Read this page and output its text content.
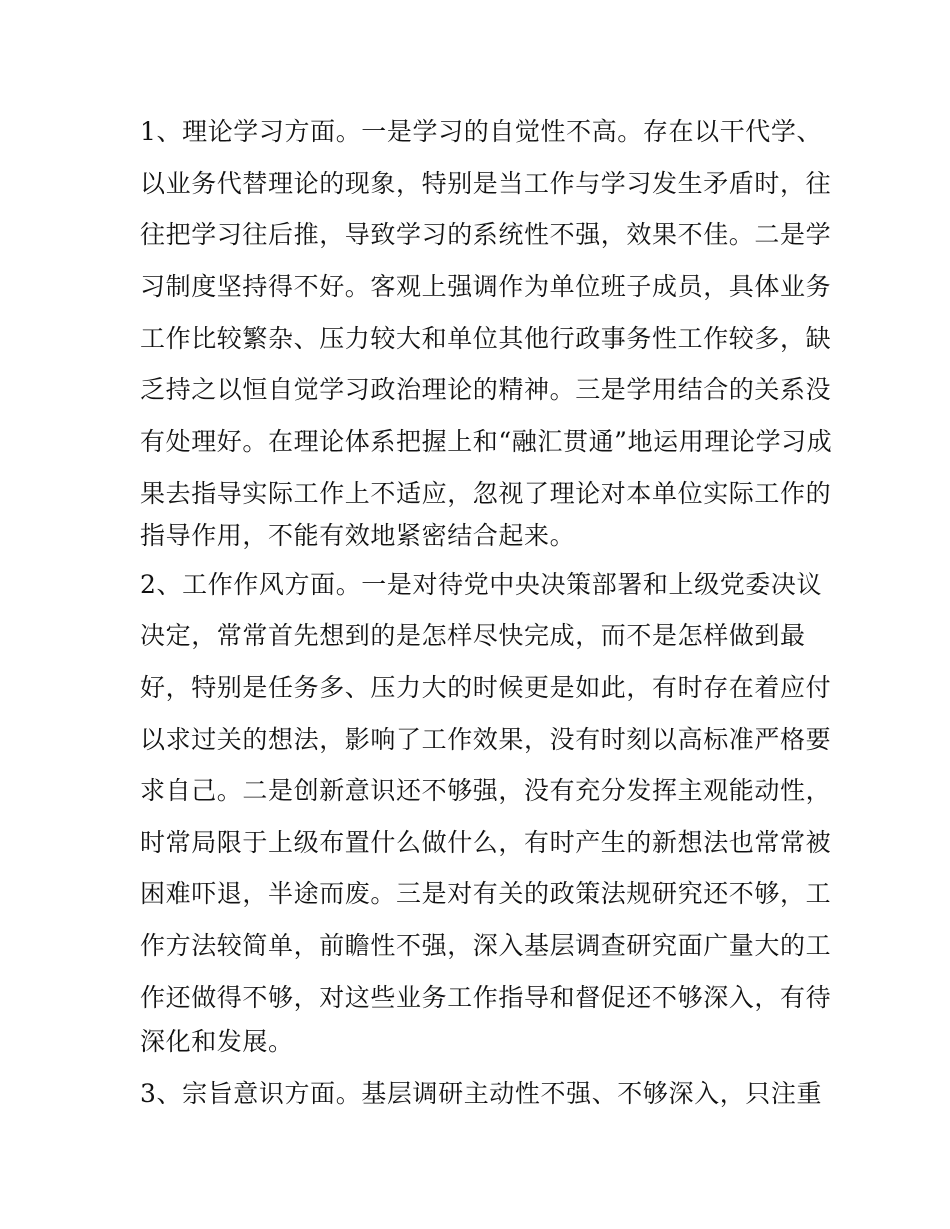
1、理论学习方面。一是学习的自觉性不高。存在以干代学、

以业务代替理论的现象，特别是当工作与学习发生矛盾时，往

往把学习往后推，导致学习的系统性不强，效果不佳。二是学

习制度坚持得不好。客观上强调作为单位班子成员，具体业务

工作比较繁杂、压力较大和单位其他行政事务性工作较多，缺

乏持之以恒自觉学习政治理论的精神。三是学用结合的关系没

有处理好。在理论体系把握上和“融汇贯通”地运用理论学习成

果去指导实际工作上不适应，忽视了理论对本单位实际工作的

指导作用，不能有效地紧密结合起来。

2、工作作风方面。一是对待党中央决策部署和上级党委决议

决定，常常首先想到的是怎样尽快完成，而不是怎样做到最

好，特别是任务多、压力大的时候更是如此，有时存在着应付

以求过关的想法，影响了工作效果，没有时刻以高标准严格要

求自己。二是创新意识还不够强，没有充分发挥主观能动性，

时常局限于上级布置什么做什么，有时产生的新想法也常常被

困难吓退，半途而废。三是对有关的政策法规研究还不够，工

作方法较简单，前瞻性不强，深入基层调查研究面广量大的工

作还做得不够，对这些业务工作指导和督促还不够深入，有待

深化和发展。

3、宗旨意识方面。基层调研主动性不强、不够深入，只注重
